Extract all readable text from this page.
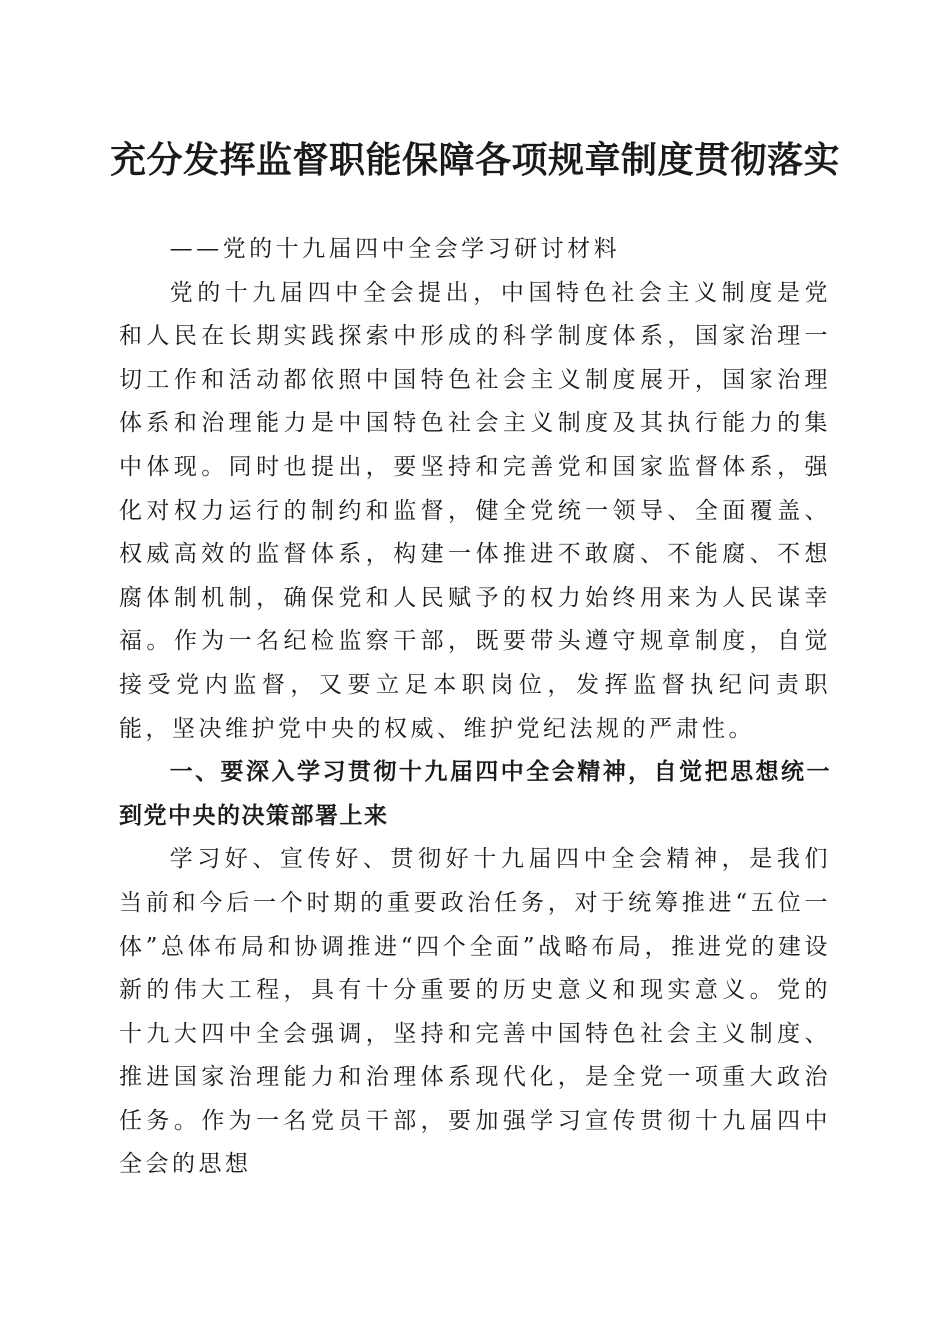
充分发挥监督职能保障各项规章制度贯彻落实

——党的十九届四中全会学习研讨材料

党的十九届四中全会提出，中国特色社会主义制度是党和人民在长期实践探索中形成的科学制度体系，国家治理一切工作和活动都依照中国特色社会主义制度展开，国家治理体系和治理能力是中国特色社会主义制度及其执行能力的集中体现。同时也提出，要坚持和完善党和国家监督体系，强化对权力运行的制约和监督，健全党统一领导、全面覆盖、权威高效的监督体系，构建一体推进不敢腐、不能腐、不想腐体制机制，确保党和人民赋予的权力始终用来为人民谋幸福。作为一名纪检监察干部，既要带头遵守规章制度，自觉接受党内监督，又要立足本职岗位，发挥监督执纪问责职能，坚决维护党中央的权威、维护党纪法规的严肃性。

一、要深入学习贯彻十九届四中全会精神，自觉把思想统一到党中央的决策部署上来

学习好、宣传好、贯彻好十九届四中全会精神，是我们当前和今后一个时期的重要政治任务，对于统筹推进“五位一体”总体布局和协调推进“四个全面”战略布局，推进党的建设新的伟大工程，具有十分重要的历史意义和现实意义。党的十九大四中全会强调，坚持和完善中国特色社会主义制度、推进国家治理能力和治理体系现代化，是全党一项重大政治任务。作为一名党员干部，要加强学习宣传贯彻十九届四中全会的思想
